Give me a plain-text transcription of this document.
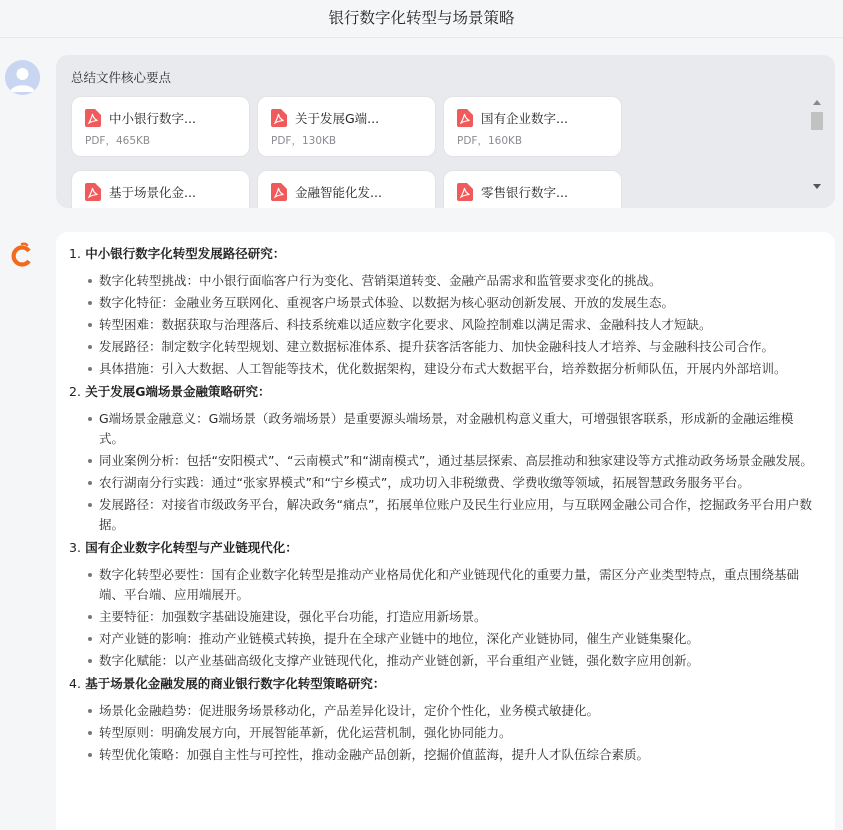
银行数字化转型与场景策略
总结文件核心要点
中小银行数字...
PDF，465KB
关于发展G端...
PDF，130KB
国有企业数字...
PDF，160KB
基于场景化金...	金融智能化发...	零售银行数字...
1. 中小银行数字化转型发展路径研究：
数字化转型挑战：中小银行面临客户行为变化、营销渠道转变、金融产品需求和监管要求变化的挑战。
数字化特征：金融业务互联网化、重视客户场景式体验、以数据为核心驱动创新发展、开放的发展生态。
转型困难：数据获取与治理落后、科技系统难以适应数字化要求、风险控制难以满足需求、金融科技人才短缺。
发展路径：制定数字化转型规划、建立数据标准体系、提升获客活客能力、加快金融科技人才培养、与金融科技公司合作。
具体措施：引入大数据、人工智能等技术，优化数据架构，建设分布式大数据平台，培养数据分析师队伍，开展内外部培训。
2. 关于发展G端场景金融策略研究：
G端场景金融意义：G端场景（政务端场景）是重要源头端场景，对金融机构意义重大，可增强银客联系，形成新的金融运维模式。
同业案例分析：包括“安阳模式”、“云南模式”和“湖南模式”，通过基层探索、高层推动和独家建设等方式推动政务场景金融发展。
农行湖南分行实践：通过“张家界模式”和“宁乡模式”，成功切入非税缴费、学费收缴等领域，拓展智慧政务服务平台。
发展路径：对接省市级政务平台，解决政务“痛点”，拓展单位账户及民生行业应用，与互联网金融公司合作，挖掘政务平台用户数据。
3. 国有企业数字化转型与产业链现代化：
数字化转型必要性：国有企业数字化转型是推动产业格局优化和产业链现代化的重要力量，需区分产业类型特点，重点围绕基础端、平台端、应用端展开。
主要特征：加强数字基础设施建设，强化平台功能，打造应用新场景。
对产业链的影响：推动产业链模式转换，提升在全球产业链中的地位，深化产业链协同，催生产业链集聚化。
数字化赋能：以产业基础高级化支撑产业链现代化，推动产业链创新，平台重组产业链，强化数字应用创新。
4. 基于场景化金融发展的商业银行数字化转型策略研究：
场景化金融趋势：促进服务场景移动化，产品差异化设计，定价个性化，业务模式敏捷化。
转型原则：明确发展方向，开展智能革新，优化运营机制，强化协同能力。
转型优化策略：加强自主性与可控性，推动金融产品创新，挖掘价值蓝海，提升人才队伍综合素质。
